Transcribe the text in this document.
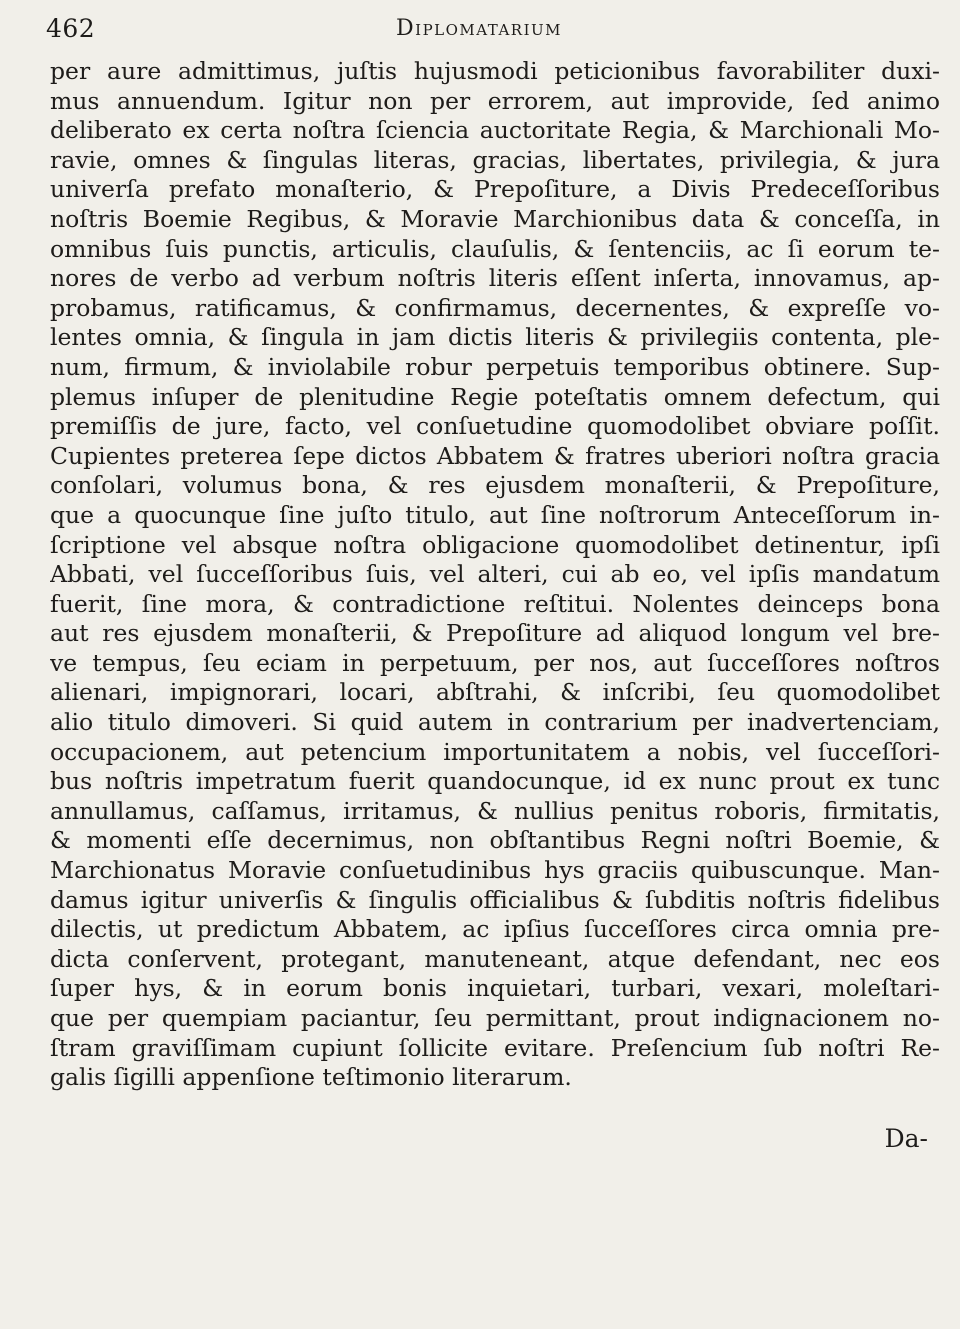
462	Diplomatarium
per aure admittimus, juſtis hujusmodi peticionibus favorabiliter duxi-
mus annuendum. Igitur non per errorem, aut improvide, ſed animo
deliberato ex certa noſtra ſciencia auctoritate Regia, & Marchionali Mo-
ravie, omnes & ſingulas literas, gracias, libertates, privilegia, & jura
univerſa prefato monaſterio, & Prepoſiture, a Divis Predeceſſoribus
noſtris Boemie Regibus, & Moravie Marchionibus data & conceſſa, in
omnibus ſuis punctis, articulis, clauſulis, & ſentenciis, ac ſi eorum te-
nores de verbo ad verbum noſtris literis eſſent inſerta, innovamus, ap-
probamus, ratificamus, & confirmamus, decernentes, & expreſſe vo-
lentes omnia, & ſingula in jam dictis literis & privilegiis contenta, ple-
num, firmum, & inviolabile robur perpetuis temporibus obtinere. Sup-
plemus inſuper de plenitudine Regie poteſtatis omnem defectum, qui
premiſſis de jure, facto, vel conſuetudine quomodolibet obviare poſſit.
Cupientes preterea ſepe dictos Abbatem & fratres uberiori noſtra gracia
conſolari, volumus bona, & res ejusdem monaſterii, & Prepoſiture,
que a quocunque ſine juſto titulo, aut ſine noſtrorum Anteceſſorum in-
ſcriptione vel absque noſtra obligacione quomodolibet detinentur, ipſi
Abbati, vel ſucceſſoribus ſuis, vel alteri, cui ab eo, vel ipſis mandatum
fuerit, ſine mora, & contradictione reſtitui. Nolentes deinceps bona
aut res ejusdem monaſterii, & Prepoſiture ad aliquod longum vel bre-
ve tempus, ſeu eciam in perpetuum, per nos, aut ſucceſſores noſtros
alienari, impignorari, locari, abſtrahi, & inſcribi, ſeu quomodolibet
alio titulo dimoveri. Si quid autem in contrarium per inadvertenciam,
occupacionem, aut petencium importunitatem a nobis, vel ſucceſſori-
bus noſtris impetratum fuerit quandocunque, id ex nunc prout ex tunc
annullamus, caſſamus, irritamus, & nullius penitus roboris, firmitatis,
& momenti eſſe decernimus, non obſtantibus Regni noſtri Boemie, &
Marchionatus Moravie conſuetudinibus hys graciis quibuscunque. Man-
damus igitur univerſis & ſingulis officialibus & ſubditis noſtris fidelibus
dilectis, ut predictum Abbatem, ac ipſius ſucceſſores circa omnia pre-
dicta conſervent, protegant, manuteneant, atque defendant, nec eos
ſuper hys, & in eorum bonis inquietari, turbari, vexari, moleſtari-
que per quempiam paciantur, ſeu permittant, prout indignacionem no-
ſtram graviſſimam cupiunt ſollicite evitare. Preſencium ſub noſtri Re-
galis ſigilli appenſione teſtimonio literarum.
Da-
